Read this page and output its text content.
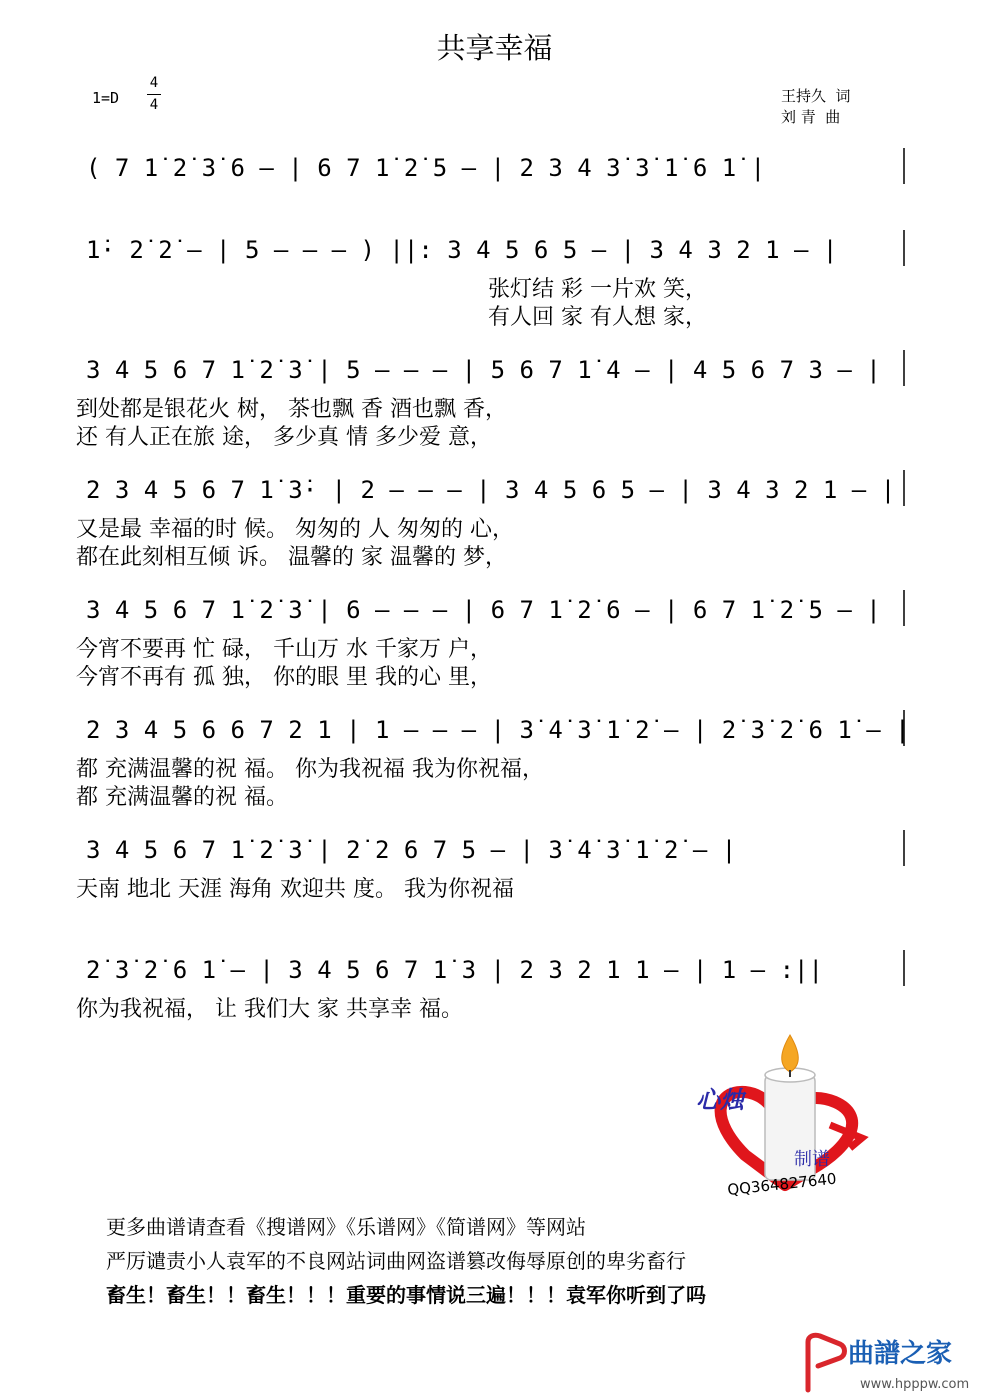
共享幸福
1=D
4
4	王持久  词
刘 青  曲
( 7 1̇ 2̇ 3̇ 6 – | 6 7 1̇ 2̇ 5 – | 2 3 4 3̇ 3̇ 1̇ 6 1̇ |
1̇· 2̇ 2̇ – | 5 – – – ) ||: 3 4 5 6 5 – | 3 4 3 2 1 – |
张灯结 彩 一片欢 笑，
有人回 家 有人想 家，
3 4 5 6 7 1̇ 2̇ 3̇ | 5 – – – | 5 6 7 1̇ 4 – | 4 5 6 7 3 – |
到处都是银花火 树， 茶也飘 香 酒也飘 香，
还 有人正在旅 途， 多少真 情 多少爱 意，
2 3 4 5 6 7 1̇ 3̇· | 2 – – – | 3 4 5 6 5 – | 3 4 3 2 1 – |
又是最 幸福的时 候。 匆匆的 人 匆匆的 心，
都在此刻相互倾 诉。 温馨的 家 温馨的 梦，
3 4 5 6 7 1̇ 2̇ 3̇ | 6 – – – | 6 7 1̇ 2̇ 6 – | 6 7 1̇ 2̇ 5 – |
今宵不要再 忙 碌， 千山万 水 千家万 户，
今宵不再有 孤 独， 你的眼 里 我的心 里，
2 3 4 5 6 6 7 2 1 | 1 – – – | 3̇ 4̇ 3̇ 1̇ 2̇ – | 2̇ 3̇ 2̇ 6 1̇ – |
都 充满温馨的祝 福。 你为我祝福 我为你祝福，
都 充满温馨的祝 福。
3 4 5 6 7 1̇ 2̇ 3̇ | 2̇ 2 6 7 5 – | 3̇ 4̇ 3̇ 1̇ 2̇ – |
天南 地北 天涯 海角 欢迎共 度。 我为你祝福
2̇ 3̇ 2̇ 6 1̇ – | 3 4 5 6 7 1̇ 3 | 2 3 2 1 1 – | 1 – :||
你为我祝福， 让 我们大 家 共享幸 福。
心烛
制谱
QQ364827640
更多曲谱请查看《搜谱网》《乐谱网》《简谱网》等网站
严厉谴责小人袁军的不良网站词曲网盗谱篡改侮辱原创的卑劣畜行
畜生！畜生！！畜生！！！重要的事情说三遍！！！袁军你听到了吗
曲譜之家
www.hpppw.com
